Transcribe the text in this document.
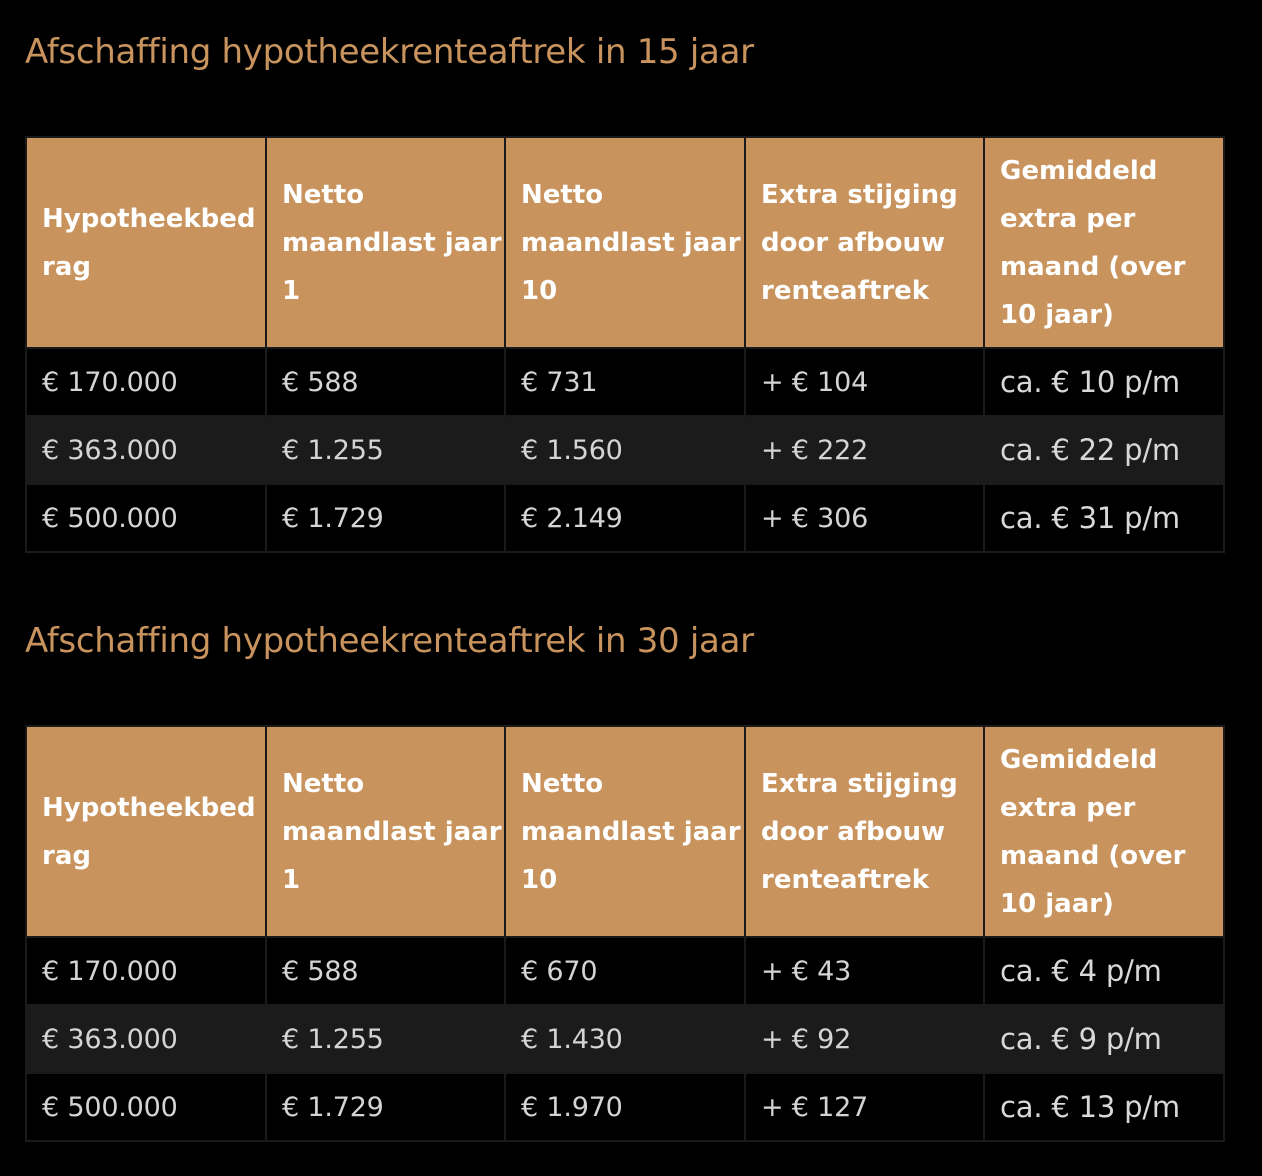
Afschaffing hypotheekrenteaftrek in 15 jaar
Hypotheekbedrag	Netto maandlast jaar 1	Netto maandlast jaar 10	Extra stijging door afbouw renteaftrek	Gemiddeld extra per maand (over 10 jaar)
€ 170.000	€ 588	€ 731	+ € 104	ca. € 10 p/m
€ 363.000	€ 1.255	€ 1.560	+ € 222	ca. € 22 p/m
€ 500.000	€ 1.729	€ 2.149	+ € 306	ca. € 31 p/m
Afschaffing hypotheekrenteaftrek in 30 jaar
Hypotheekbedrag	Netto maandlast jaar 1	Netto maandlast jaar 10	Extra stijging door afbouw renteaftrek	Gemiddeld extra per maand (over 10 jaar)
€ 170.000	€ 588	€ 670	+ € 43	ca. € 4 p/m
€ 363.000	€ 1.255	€ 1.430	+ € 92	ca. € 9 p/m
€ 500.000	€ 1.729	€ 1.970	+ € 127	ca. € 13 p/m
